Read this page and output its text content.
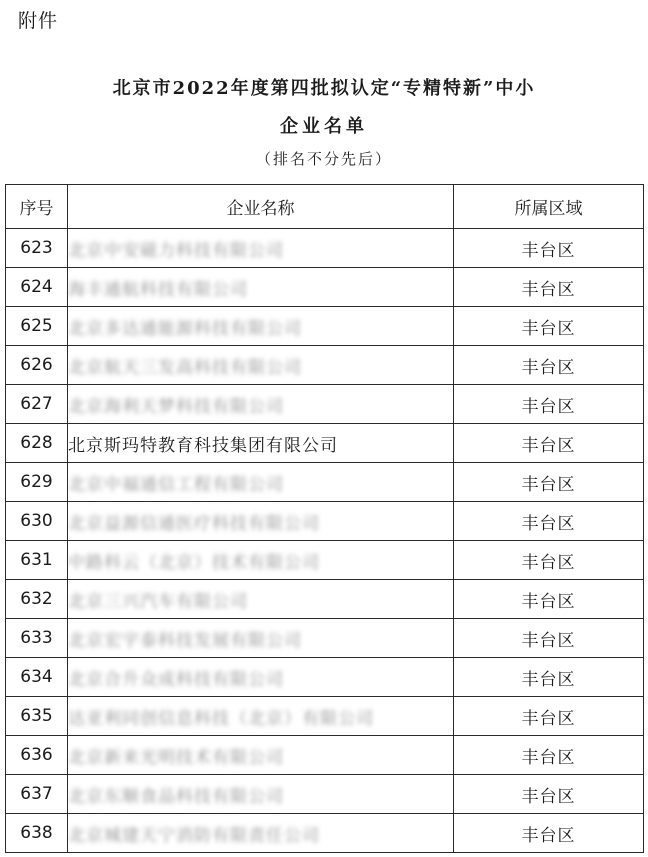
附件
北京市2022年度第四批拟认定“专精特新”中小
企业名单
（排名不分先后）
序号	企业名称	所属区域
623	北京中安磁力科技有限公司	丰台区
624	海丰通航科技有限公司	丰台区
625	北京多达通能源科技有限公司	丰台区
626	北京航天三发高科技有限公司	丰台区
627	北京海利天梦科技有限公司	丰台区
628	北京斯玛特教育科技集团有限公司	丰台区
629	北京中福通信工程有限公司	丰台区
630	北京益源信通医疗科技有限公司	丰台区
631	中路科云（北京）技术有限公司	丰台区
632	北京三兴汽车有限公司	丰台区
633	北京宏宇泰科技发展有限公司	丰台区
634	北京合升众成科技有限公司	丰台区
635	达亚利同创信息科技（北京）有限公司	丰台区
636	北京新来光明技术有限公司	丰台区
637	北京东顺食品科技有限公司	丰台区
638	北京城建天宁消防有限责任公司	丰台区
